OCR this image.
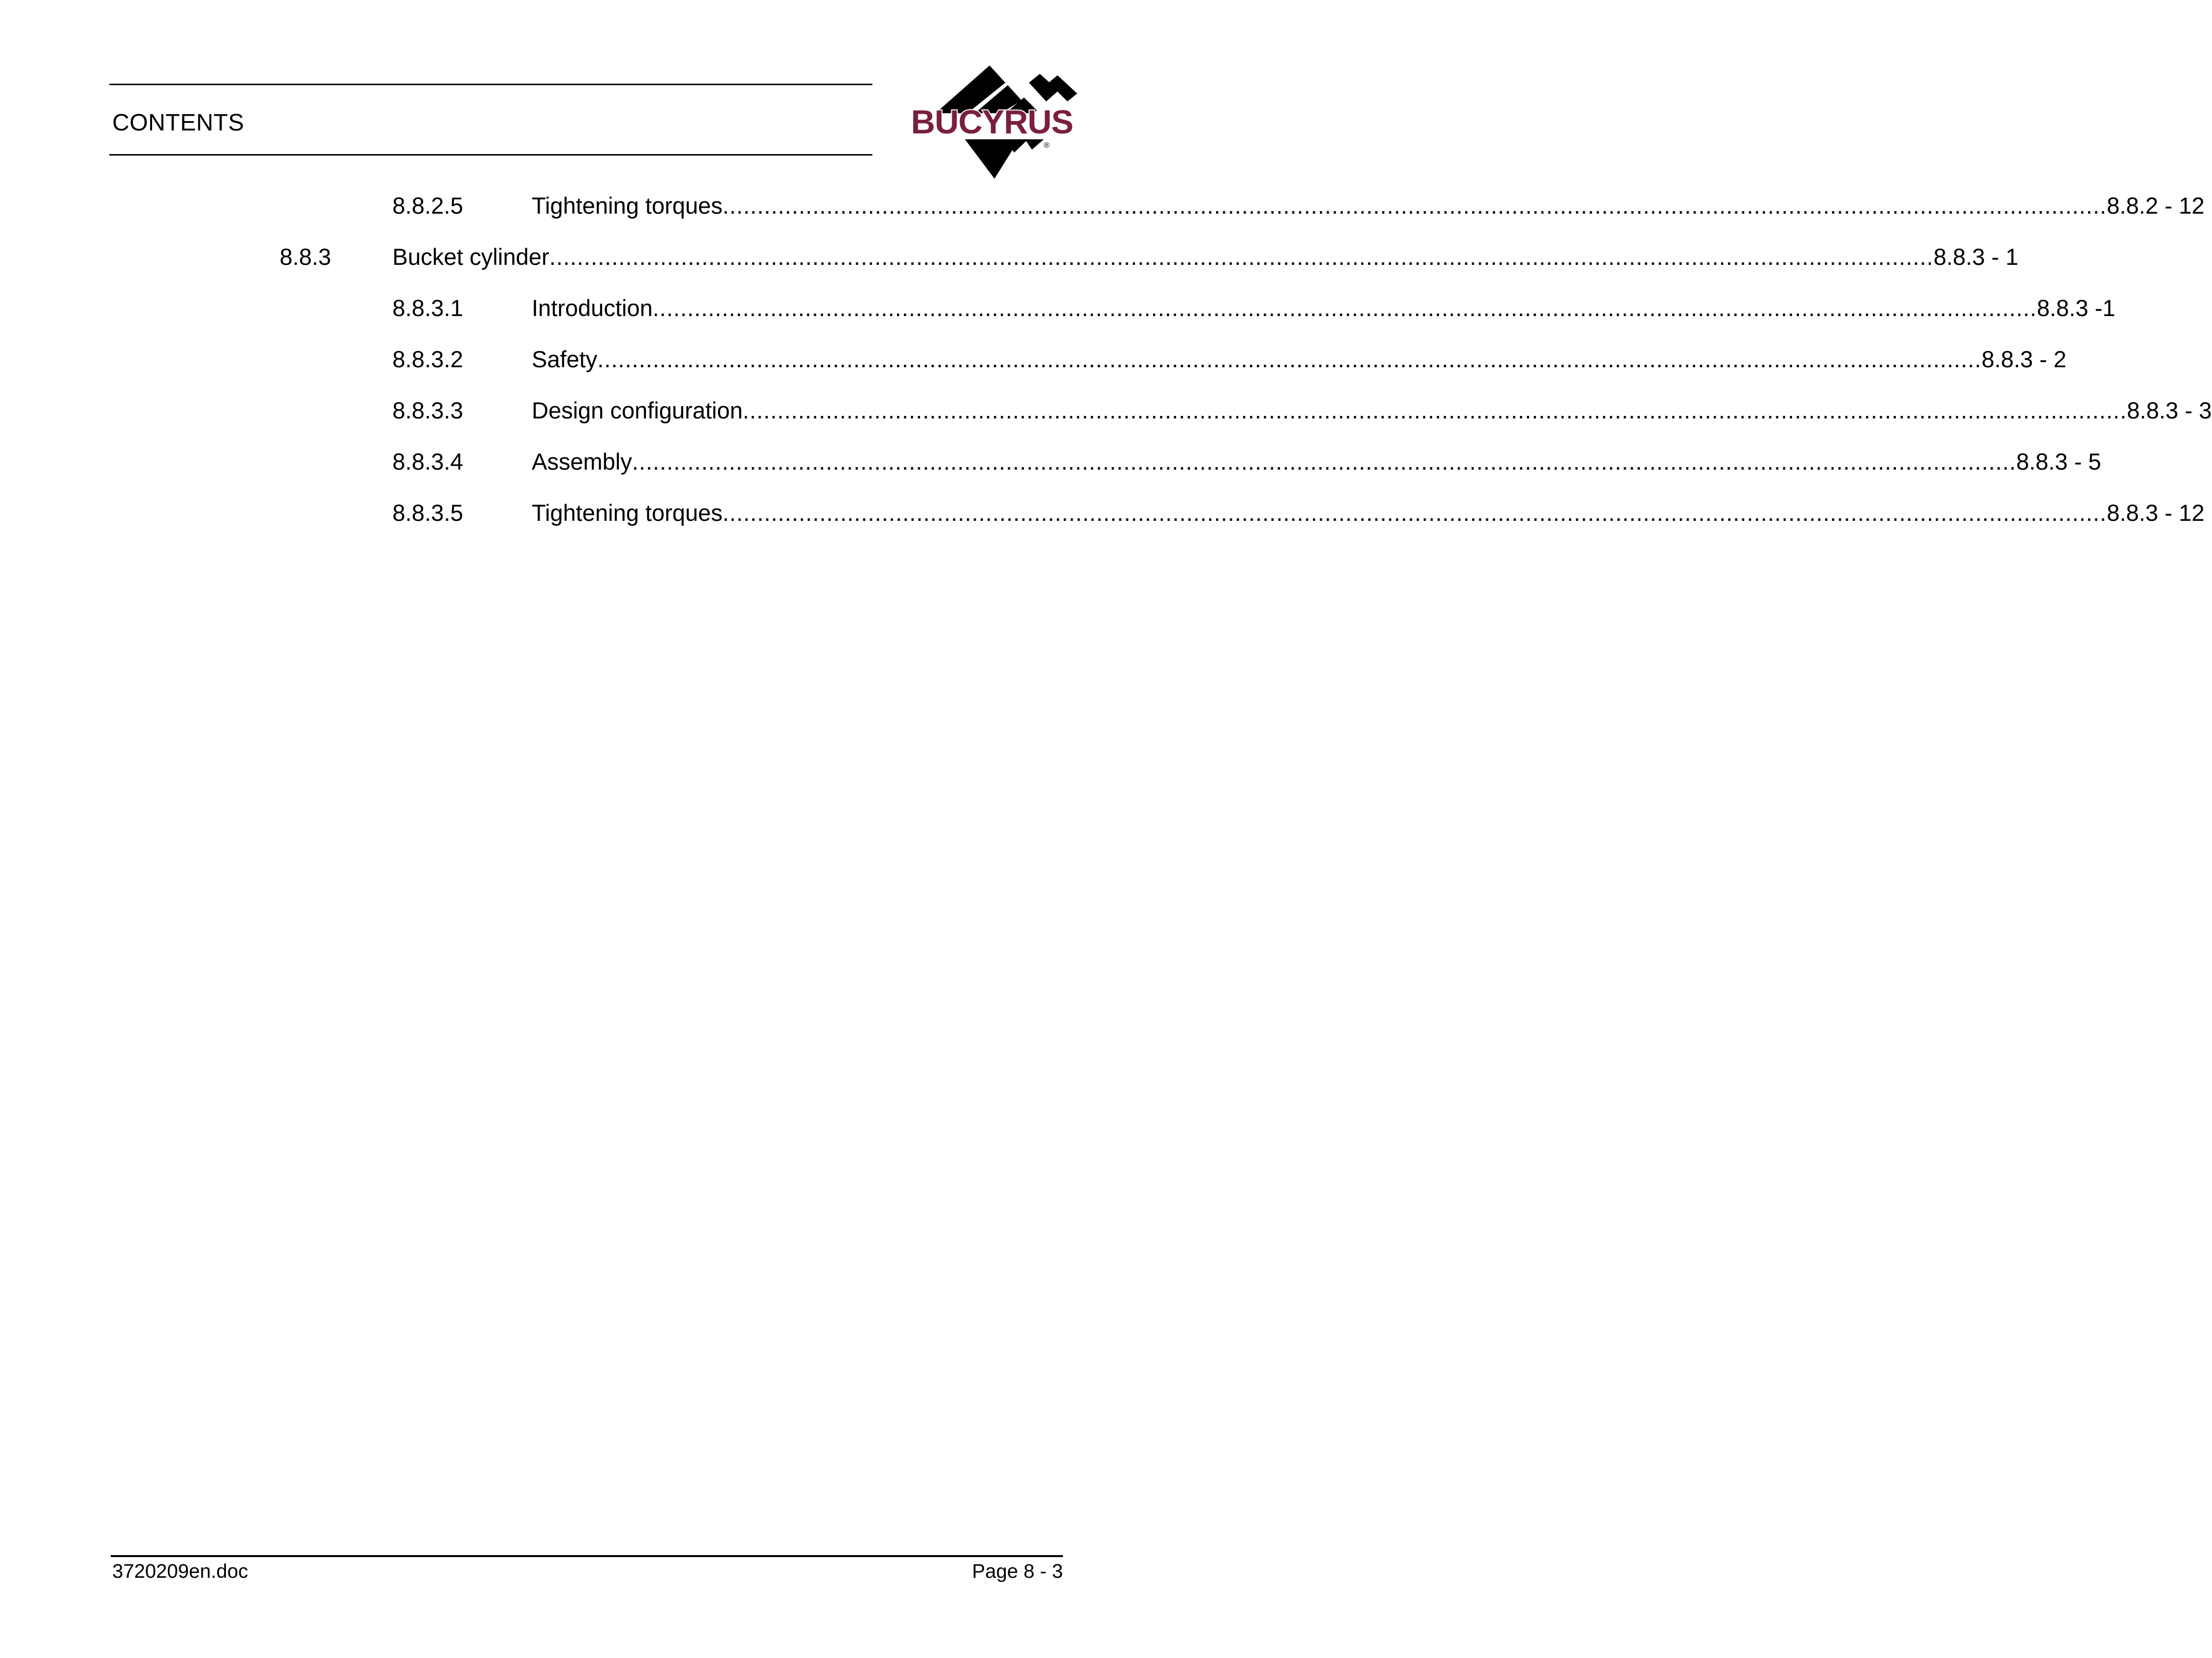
CONTENTS	BUCYRUS
®
8.8.2.5	Tightening torques ........................................................................................................................................................................................................ 8.8.2 - 12
8.8.3	Bucket cylinder ........................................................................................................................................................................................................ 8.8.3 - 1
8.8.3.1	Introduction ........................................................................................................................................................................................................ 8.8.3 -1
8.8.3.2	Safety ........................................................................................................................................................................................................ 8.8.3 - 2
8.8.3.3	Design configuration ........................................................................................................................................................................................................ 8.8.3 - 3
8.8.3.4	Assembly ........................................................................................................................................................................................................ 8.8.3 - 5
8.8.3.5	Tightening torques ........................................................................................................................................................................................................ 8.8.3 - 12
3720209en.doc	Page 8 - 3
